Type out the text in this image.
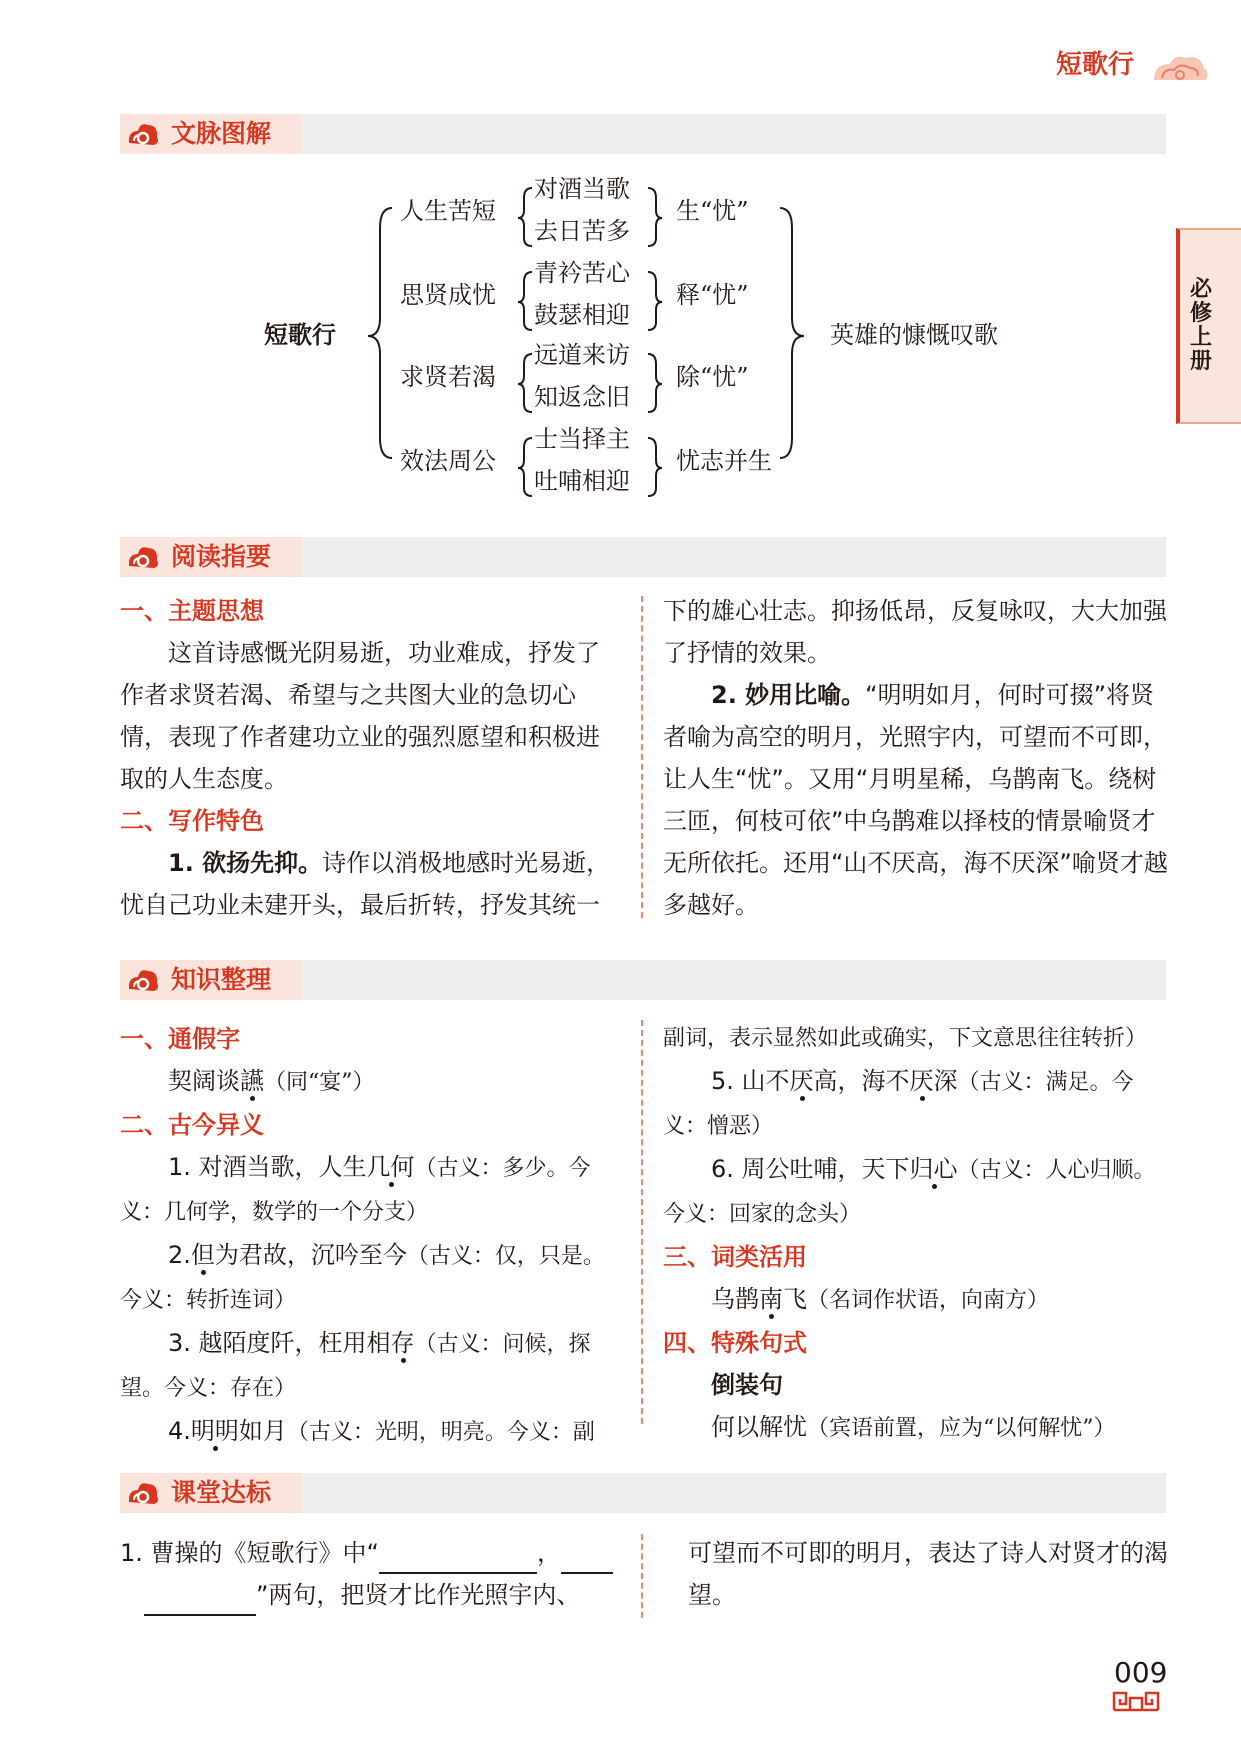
短歌行
必修上册
文脉图解
短歌行	英雄的慷慨叹歌
人生苦短
对酒当歌
去日苦多
生“忧”
思贤成忧
青衿苦心
鼓瑟相迎
释“忧”
求贤若渴
远道来访
知返念旧
除“忧”
效法周公
士当择主
吐哺相迎
忧志并生
阅读指要

一、主题思想

这首诗感慨光阴易逝，功业难成，抒发了作者求贤若渴、希望与之共图大业的急切心情，表现了作者建功立业的强烈愿望和积极进取的人生态度。

二、写作特色

1. 欲扬先抑。诗作以消极地感时光易逝，忧自己功业未建开头，最后折转，抒发其统一

下的雄心壮志。抑扬低昂，反复咏叹，大大加强了抒情的效果。

2. 妙用比喻。“明明如月，何时可掇”将贤者喻为高空的明月，光照宇内，可望而不可即，让人生“忧”。又用“月明星稀，乌鹊南飞。绕树三匝，何枝可依”中乌鹊难以择枝的情景喻贤才无所依托。还用“山不厌高，海不厌深”喻贤才越多越好。

知识整理

一、通假字

契阔谈讌（同“宴”）

二、古今异义

1. 对酒当歌，人生几何（古义：多少。今义：几何学，数学的一个分支）

2.但为君故，沉吟至今（古义：仅，只是。今义：转折连词）

3. 越陌度阡，枉用相存（古义：问候，探望。今义：存在）

4.明明如月（古义：光明，明亮。今义：副

副词，表示显然如此或确实，下文意思往往转折）

5. 山不厌高，海不厌深（古义：满足。今义：憎恶）

6. 周公吐哺，天下归心（古义：人心归顺。今义：回家的念头）

三、词类活用

乌鹊南飞（名词作状语，向南方）

四、特殊句式

倒装句

何以解忧（宾语前置，应为“以何解忧”）

课堂达标

1. 曹操的《短歌行》中“	，

”两句，把贤才比作光照宇内、

可望而不可即的明月，表达了诗人对贤才的渴望。

009
